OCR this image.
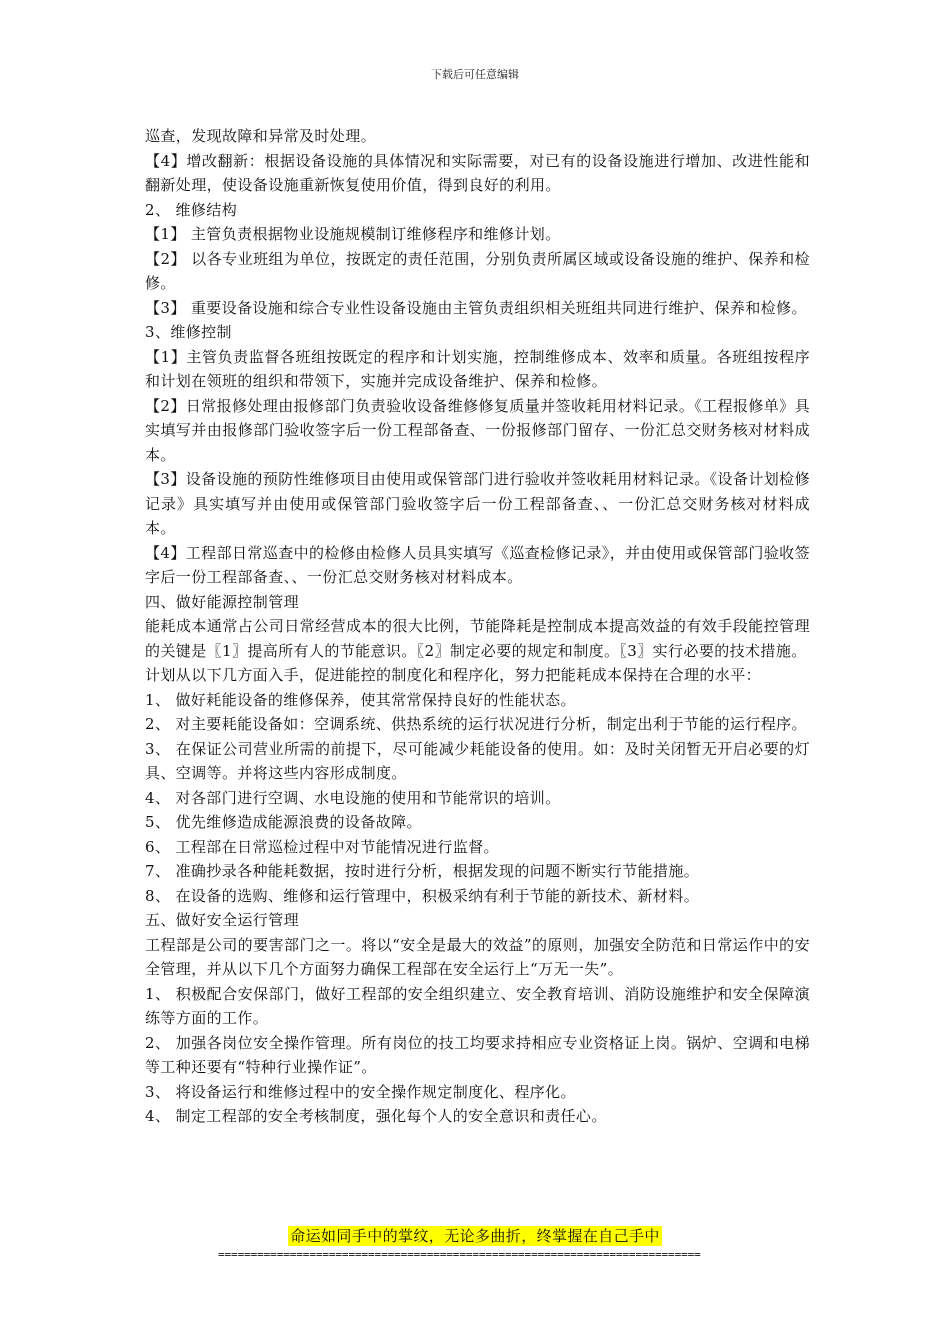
下载后可任意编辑

巡查，发现故障和异常及时处理。

【4】增改翻新：根据设备设施的具体情况和实际需要，对已有的设备设施进行增加、改进性能和翻新处理，使设备设施重新恢复使用价值，得到良好的利用。

2、 维修结构

【1】 主管负责根据物业设施规模制订维修程序和维修计划。

【2】 以各专业班组为单位，按既定的责任范围，分别负责所属区域或设备设施的维护、保养和检修。

【3】 重要设备设施和综合专业性设备设施由主管负责组织相关班组共同进行维护、保养和检修。

3、维修控制

【1】主管负责监督各班组按既定的程序和计划实施，控制维修成本、效率和质量。各班组按程序和计划在领班的组织和带领下，实施并完成设备维护、保养和检修。

【2】日常报修处理由报修部门负责验收设备维修修复质量并签收耗用材料记录。《工程报修单》具实填写并由报修部门验收签字后一份工程部备查、一份报修部门留存、一份汇总交财务核对材料成本。

【3】设备设施的预防性维修项目由使用或保管部门进行验收并签收耗用材料记录。《设备计划检修记录》具实填写并由使用或保管部门验收签字后一份工程部备查、、一份汇总交财务核对材料成本。

【4】工程部日常巡查中的检修由检修人员具实填写《巡查检修记录》，并由使用或保管部门验收签字后一份工程部备查、、一份汇总交财务核对材料成本。

四、做好能源控制管理

能耗成本通常占公司日常经营成本的很大比例，节能降耗是控制成本提高效益的有效手段能控管理的关键是〖1〗提高所有人的节能意识。〖2〗制定必要的规定和制度。〖3〗实行必要的技术措施。

计划从以下几方面入手，促进能控的制度化和程序化，努力把能耗成本保持在合理的水平：

1、 做好耗能设备的维修保养，使其常常保持良好的性能状态。

2、 对主要耗能设备如：空调系统、供热系统的运行状况进行分析，制定出利于节能的运行程序。

3、 在保证公司营业所需的前提下，尽可能减少耗能设备的使用。如：及时关闭暂无开启必要的灯具、空调等。并将这些内容形成制度。

4、 对各部门进行空调、水电设施的使用和节能常识的培训。

5、 优先维修造成能源浪费的设备故障。

6、 工程部在日常巡检过程中对节能情况进行监督。

7、 准确抄录各种能耗数据，按时进行分析，根据发现的问题不断实行节能措施。

8、 在设备的选购、维修和运行管理中，积极采纳有利于节能的新技术、新材料。

五、做好安全运行管理

工程部是公司的要害部门之一。将以“安全是最大的效益”的原则，加强安全防范和日常运作中的安全管理，并从以下几个方面努力确保工程部在安全运行上“万无一失”。

1、 积极配合安保部门，做好工程部的安全组织建立、安全教育培训、消防设施维护和安全保障演练等方面的工作。

2、 加强各岗位安全操作管理。所有岗位的技工均要求持相应专业资格证上岗。锅炉、空调和电梯等工种还要有“特种行业操作证”。

3、 将设备运行和维修过程中的安全操作规定制度化、程序化。

4、 制定工程部的安全考核制度，强化每个人的安全意识和责任心。

命运如同手中的掌纹，无论多曲折，终掌握在自己手中
==========================================================================
